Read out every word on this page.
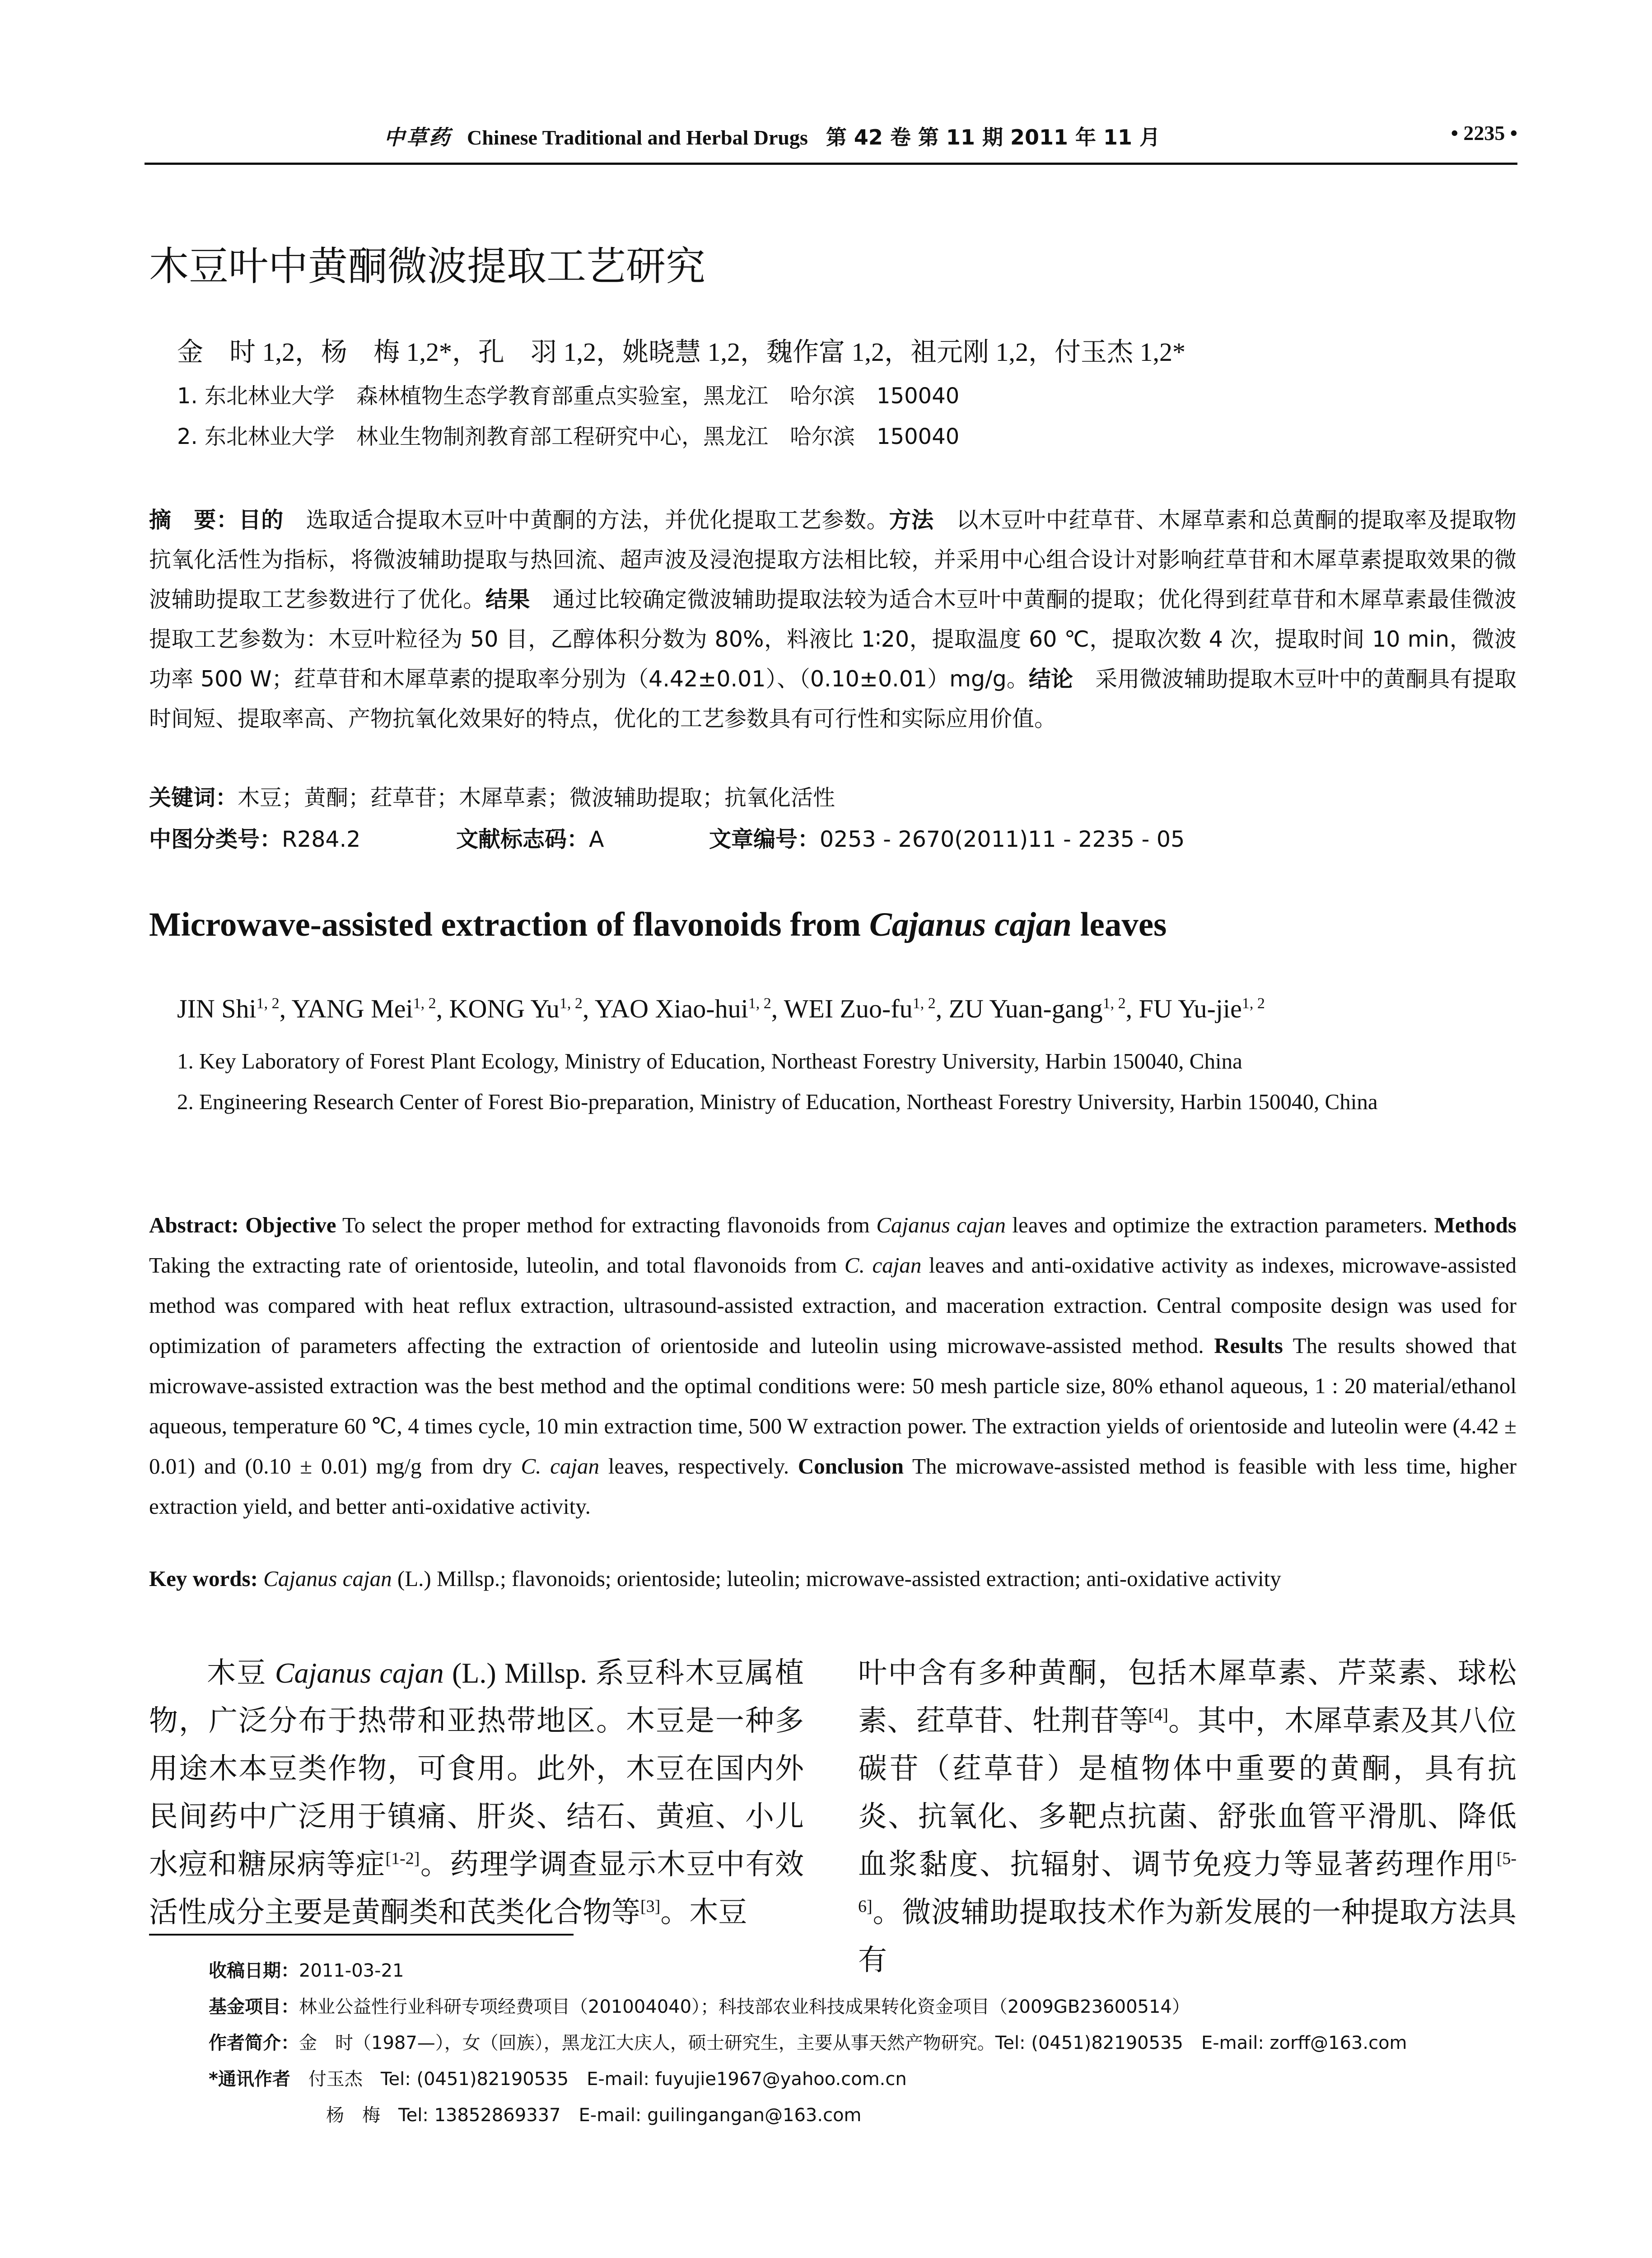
中草药 Chinese Traditional and Herbal Drugs 第 42 卷 第 11 期 2011 年 11 月	• 2235 •
木豆叶中黄酮微波提取工艺研究
金　时 1,2，杨　梅 1,2*，孔　羽 1,2，姚晓慧 1,2，魏作富 1,2，祖元刚 1,2，付玉杰 1,2*
1. 东北林业大学　森林植物生态学教育部重点实验室，黑龙江　哈尔滨　150040
2. 东北林业大学　林业生物制剂教育部工程研究中心，黑龙江　哈尔滨　150040
摘　要：目的　选取适合提取木豆叶中黄酮的方法，并优化提取工艺参数。方法　以木豆叶中荭草苷、木犀草素和总黄酮的提取率及提取物抗氧化活性为指标，将微波辅助提取与热回流、超声波及浸泡提取方法相比较，并采用中心组合设计对影响荭草苷和木犀草素提取效果的微波辅助提取工艺参数进行了优化。结果　通过比较确定微波辅助提取法较为适合木豆叶中黄酮的提取；优化得到荭草苷和木犀草素最佳微波提取工艺参数为：木豆叶粒径为 50 目，乙醇体积分数为 80%，料液比 1∶20，提取温度 60 ℃，提取次数 4 次，提取时间 10 min，微波功率 500 W；荭草苷和木犀草素的提取率分别为（4.42±0.01）、（0.10±0.01）mg/g。结论　采用微波辅助提取木豆叶中的黄酮具有提取时间短、提取率高、产物抗氧化效果好的特点，优化的工艺参数具有可行性和实际应用价值。
关键词：木豆；黄酮；荭草苷；木犀草素；微波辅助提取；抗氧化活性
中图分类号：R284.2	文献标志码：A	文章编号：0253 - 2670(2011)11 - 2235 - 05
Microwave-assisted extraction of flavonoids from Cajanus cajan leaves
JIN Shi$^{1, 2}$, YANG Mei$^{1, 2}$, KONG Yu$^{1, 2}$, YAO Xiao-hui$^{1, 2}$, WEI Zuo-fu$^{1, 2}$, ZU Yuan-gang$^{1, 2}$, FU Yu-jie$^{1, 2}$
1. Key Laboratory of Forest Plant Ecology, Ministry of Education, Northeast Forestry University, Harbin 150040, China
2. Engineering Research Center of Forest Bio-preparation, Ministry of Education, Northeast Forestry University, Harbin 150040, China
Abstract: Objective To select the proper method for extracting flavonoids from Cajanus cajan leaves and optimize the extraction parameters. Methods Taking the extracting rate of orientoside, luteolin, and total flavonoids from C. cajan leaves and anti-oxidative activity as indexes, microwave-assisted method was compared with heat reflux extraction, ultrasound-assisted extraction, and maceration extraction. Central composite design was used for optimization of parameters affecting the extraction of orientoside and luteolin using microwave-assisted method. Results The results showed that microwave-assisted extraction was the best method and the optimal conditions were: 50 mesh particle size, 80% ethanol aqueous, 1 : 20 material/ethanol aqueous, temperature 60 ℃, 4 times cycle, 10 min extraction time, 500 W extraction power. The extraction yields of orientoside and luteolin were (4.42 ± 0.01) and (0.10 ± 0.01) mg/g from dry C. cajan leaves, respectively. Conclusion The microwave-assisted method is feasible with less time, higher extraction yield, and better anti-oxidative activity.
Key words: Cajanus cajan (L.) Millsp.; flavonoids; orientoside; luteolin; microwave-assisted extraction; anti-oxidative activity
木豆 Cajanus cajan (L.) Millsp. 系豆科木豆属植物，广泛分布于热带和亚热带地区。木豆是一种多用途木本豆类作物，可食用。此外，木豆在国内外民间药中广泛用于镇痛、肝炎、结石、黄疸、小儿水痘和糖尿病等症[1-2]。药理学调查显示木豆中有效活性成分主要是黄酮类和芪类化合物等[3]。木豆
叶中含有多种黄酮，包括木犀草素、芹菜素、球松素、荭草苷、牡荆苷等[4]。其中，木犀草素及其八位碳苷（荭草苷）是植物体中重要的黄酮，具有抗炎、抗氧化、多靶点抗菌、舒张血管平滑肌、降低血浆黏度、抗辐射、调节免疫力等显著药理作用[5-6]。微波辅助提取技术作为新发展的一种提取方法具有
收稿日期：2011-03-21
基金项目：林业公益性行业科研专项经费项目（201004040）；科技部农业科技成果转化资金项目（2009GB23600514）
作者简介：金　时（1987—），女（回族），黑龙江大庆人，硕士研究生，主要从事天然产物研究。Tel: (0451)82190535　E-mail: zorff@163.com
*通讯作者　付玉杰　Tel: (0451)82190535　E-mail: fuyujie1967@yahoo.com.cn
杨　梅　Tel: 13852869337　E-mail: guilingangan@163.com
